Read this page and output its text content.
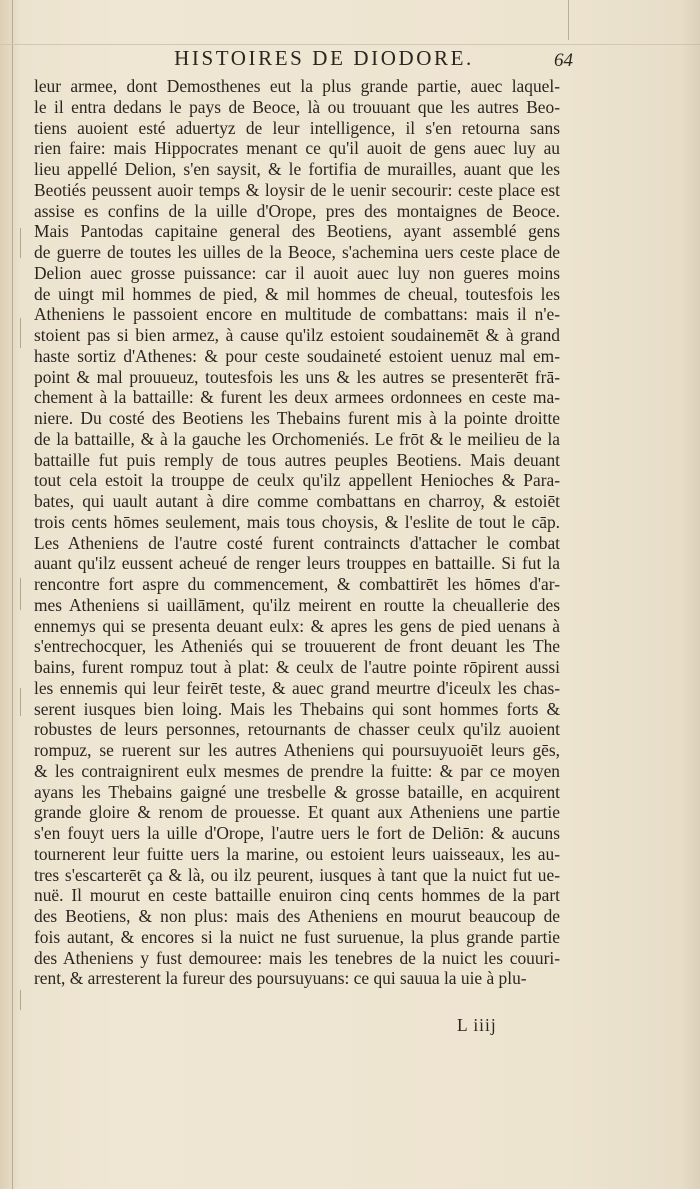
HISTOIRES DE DIODORE.	64
leur armee, dont Demosthenes eut la plus grande partie, auec laquel-
le il entra dedans le pays de Beoce, là ou trouuant que les autres Beo-
tiens auoient esté aduertyz de leur intelligence, il s'en retourna sans
rien faire: mais Hippocrates menant ce qu'il auoit de gens auec luy au
lieu appellé Delion, s'en saysit, & le fortifia de murailles, auant que les
Beotiés peussent auoir temps & loysir de le uenir secourir: ceste place est
assise es confins de la uille d'Orope, pres des montaignes de Beoce.
Mais Pantodas capitaine general des Beotiens, ayant assemblé gens
de guerre de toutes les uilles de la Beoce, s'achemina uers ceste place de
Delion auec grosse puissance: car il auoit auec luy non gueres moins
de uingt mil hommes de pied, & mil hommes de cheual, toutesfois les
Atheniens le passoient encore en multitude de combattans: mais il n'e-
stoient pas si bien armez, à cause qu'ilz estoient soudainemēt & à grand
haste sortiz d'Athenes: & pour ceste soudaineté estoient uenuz mal em-
point & mal prouueuz, toutesfois les uns & les autres se presenterēt frā-
chement à la battaille: & furent les deux armees ordonnees en ceste ma-
niere. Du costé des Beotiens les Thebains furent mis à la pointe droitte
de la battaille, & à la gauche les Orchomeniés. Le frōt & le meilieu de la
battaille fut puis remply de tous autres peuples Beotiens. Mais deuant
tout cela estoit la trouppe de ceulx qu'ilz appellent Henioches & Para-
bates, qui uault autant à dire comme combattans en charroy, & estoiēt
trois cents hōmes seulement, mais tous choysis, & l'eslite de tout le cāp.
Les Atheniens de l'autre costé furent contraincts d'attacher le combat
auant qu'ilz eussent acheué de renger leurs trouppes en battaille. Si fut la
rencontre fort aspre du commencement, & combattirēt les hōmes d'ar-
mes Atheniens si uaillāment, qu'ilz meirent en routte la cheuallerie des
ennemys qui se presenta deuant eulx: & apres les gens de pied uenans à
s'entrechocquer, les Atheniés qui se trouuerent de front deuant les The
bains, furent rompuz tout à plat: & ceulx de l'autre pointe rōpirent aussi
les ennemis qui leur feirēt teste, & auec grand meurtre d'iceulx les chas-
serent iusques bien loing. Mais les Thebains qui sont hommes forts &
robustes de leurs personnes, retournants de chasser ceulx qu'ilz auoient
rompuz, se ruerent sur les autres Atheniens qui poursuyuoiēt leurs gēs,
& les contraignirent eulx mesmes de prendre la fuitte: & par ce moyen
ayans les Thebains gaigné une tresbelle & grosse bataille, en acquirent
grande gloire & renom de prouesse. Et quant aux Atheniens une partie
s'en fouyt uers la uille d'Orope, l'autre uers le fort de Deliōn: & aucuns
tournerent leur fuitte uers la marine, ou estoient leurs uaisseaux, les au-
tres s'escarterēt ça & là, ou ilz peurent, iusques à tant que la nuict fut ue-
nuë. Il mourut en ceste battaille enuiron cinq cents hommes de la part
des Beotiens, & non plus: mais des Atheniens en mourut beaucoup de
fois autant, & encores si la nuict ne fust suruenue, la plus grande partie
des Atheniens y fust demouree: mais les tenebres de la nuict les couuri-
rent, & arresterent la fureur des poursuyuans: ce qui sauua la uie à plu-
L iiij
